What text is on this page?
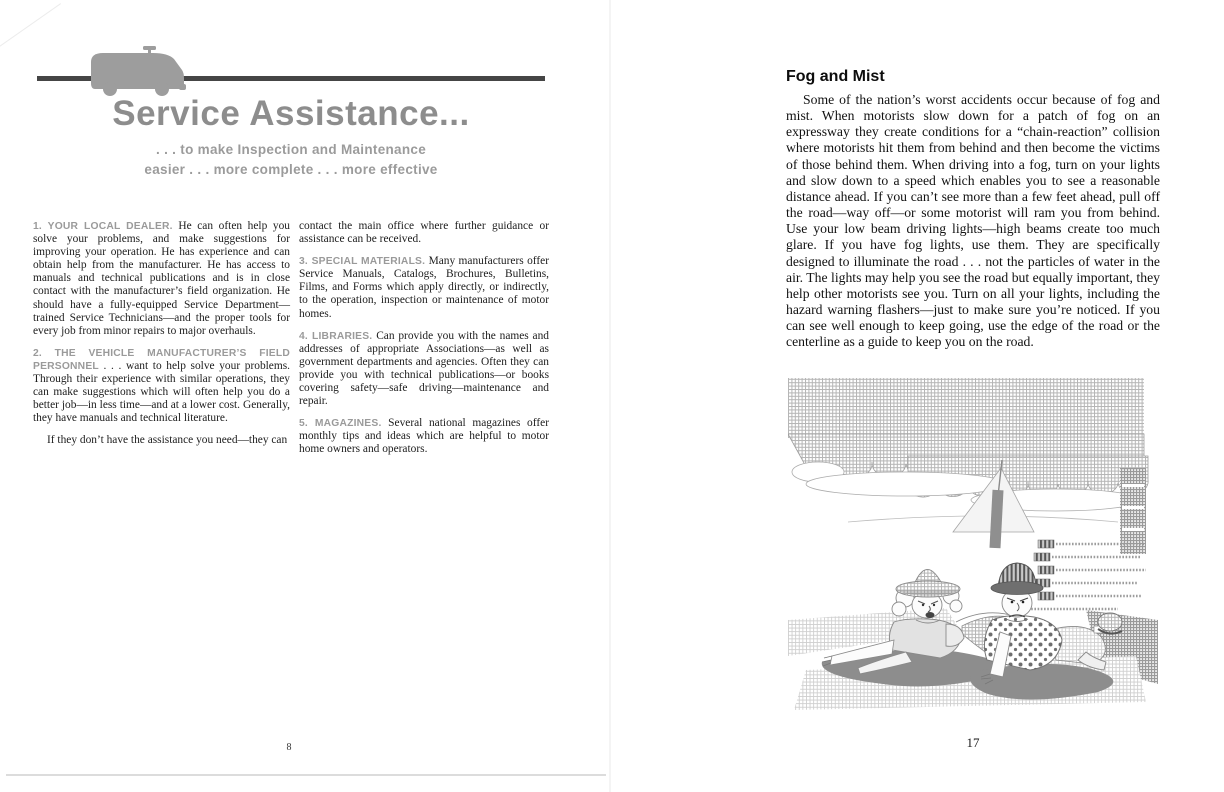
Service Assistance...
. . . to make Inspection and Maintenance
easier . . . more complete . . . more effective

1. YOUR LOCAL DEALER. He can often help you solve your problems, and make suggestions for improving your operation. He has experience and can obtain help from the manufacturer. He has access to manuals and technical publications and is in close contact with the manufacturer’s field organization. He should have a fully-equipped Service Department—trained Service Technicians—and the proper tools for every job from minor repairs to major overhauls.

2. THE VEHICLE MANUFACTURER’S FIELD PERSONNEL . . . want to help solve your problems. Through their experience with similar operations, they can make suggestions which will often help you do a better job—in less time—and at a lower cost. Generally, they have manuals and technical literature.

If they don’t have the assistance you need—they can

contact the main office where further guidance or assistance can be received.

3. SPECIAL MATERIALS. Many manufacturers offer Service Manuals, Catalogs, Brochures, Bulletins, Films, and Forms which apply directly, or indirectly, to the operation, inspection or maintenance of motor homes.

4. LIBRARIES. Can provide you with the names and addresses of appropriate Associations—as well as government departments and agencies. Often they can provide you with technical publications—or books covering safety—safe driving—maintenance and repair.

5. MAGAZINES. Several national magazines offer monthly tips and ideas which are helpful to motor home owners and operators.

8
Fog and Mist
Some of the nation’s worst accidents occur because of fog and mist. When motorists slow down for a patch of fog on an expressway they create conditions for a “chain-reaction” collision where motorists hit them from behind and then become the victims of those behind them. When driving into a fog, turn on your lights and slow down to a speed which enables you to see a reasonable distance ahead. If you can’t see more than a few feet ahead, pull off the road—way off—or some motorist will ram you from behind. Use your low beam driving lights—high beams create too much glare. If you have fog lights, use them. They are specifically designed to illuminate the road . . . not the particles of water in the air. The lights may help you see the road but equally important, they help other motorists see you. Turn on all your lights, including the hazard warning flashers—just to make sure you’re noticed. If you can see well enough to keep going, use the edge of the road or the centerline as a guide to keep you on the road.
17
